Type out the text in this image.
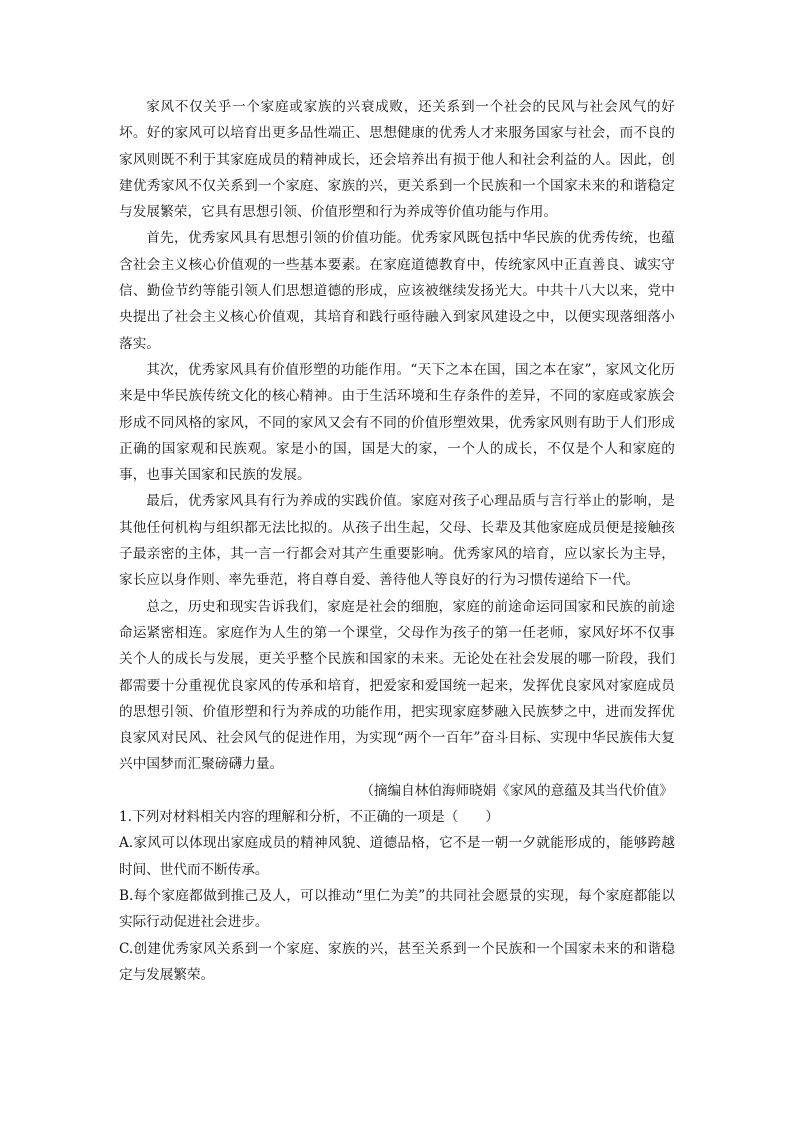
家风不仅关乎一个家庭或家族的兴衰成败，还关系到一个社会的民风与社会风气的好坏。好的家风可以培育出更多品性端正、思想健康的优秀人才来服务国家与社会，而不良的家风则既不利于其家庭成员的精神成长，还会培养出有损于他人和社会利益的人。因此，创建优秀家风不仅关系到一个家庭、家族的兴，更关系到一个民族和一个国家未来的和谐稳定与发展繁荣，它具有思想引领、价值形塑和行为养成等价值功能与作用。

首先，优秀家风具有思想引领的价值功能。优秀家风既包括中华民族的优秀传统，也蕴含社会主义核心价值观的一些基本要素。在家庭道德教育中，传统家风中正直善良、诚实守信、勤俭节约等能引领人们思想道德的形成，应该被继续发扬光大。中共十八大以来，党中央提出了社会主义核心价值观，其培育和践行亟待融入到家风建设之中，以便实现落细落小落实。

其次，优秀家风具有价值形塑的功能作用。“天下之本在国，国之本在家”，家风文化历来是中华民族传统文化的核心精神。由于生活环境和生存条件的差异，不同的家庭或家族会形成不同风格的家风，不同的家风又会有不同的价值形塑效果，优秀家风则有助于人们形成正确的国家观和民族观。家是小的国，国是大的家，一个人的成长，不仅是个人和家庭的事，也事关国家和民族的发展。

最后，优秀家风具有行为养成的实践价值。家庭对孩子心理品质与言行举止的影响，是其他任何机构与组织都无法比拟的。从孩子出生起，父母、长辈及其他家庭成员便是接触孩子最亲密的主体，其一言一行都会对其产生重要影响。优秀家风的培育，应以家长为主导，家长应以身作则、率先垂范，将自尊自爱、善待他人等良好的行为习惯传递给下一代。

总之，历史和现实告诉我们，家庭是社会的细胞，家庭的前途命运同国家和民族的前途命运紧密相连。家庭作为人生的第一个课堂，父母作为孩子的第一任老师，家风好坏不仅事关个人的成长与发展，更关乎整个民族和国家的未来。无论处在社会发展的哪一阶段，我们都需要十分重视优良家风的传承和培育，把爱家和爱国统一起来，发挥优良家风对家庭成员的思想引领、价值形塑和行为养成的功能作用，把实现家庭梦融入民族梦之中，进而发挥优良家风对民风、社会风气的促进作用，为实现“两个一百年”奋斗目标、实现中华民族伟大复兴中国梦而汇聚磅礴力量。

（摘编自林伯海师晓娟《家风的意蕴及其当代价值》

1.下列对材料相关内容的理解和分析，不正确的一项是（　　）

A.家风可以体现出家庭成员的精神风貌、道德品格，它不是一朝一夕就能形成的，能够跨越时间、世代而不断传承。

B.每个家庭都做到推己及人，可以推动“里仁为美”的共同社会愿景的实现，每个家庭都能以实际行动促进社会进步。

C.创建优秀家风关系到一个家庭、家族的兴，甚至关系到一个民族和一个国家未来的和谐稳定与发展繁荣。
